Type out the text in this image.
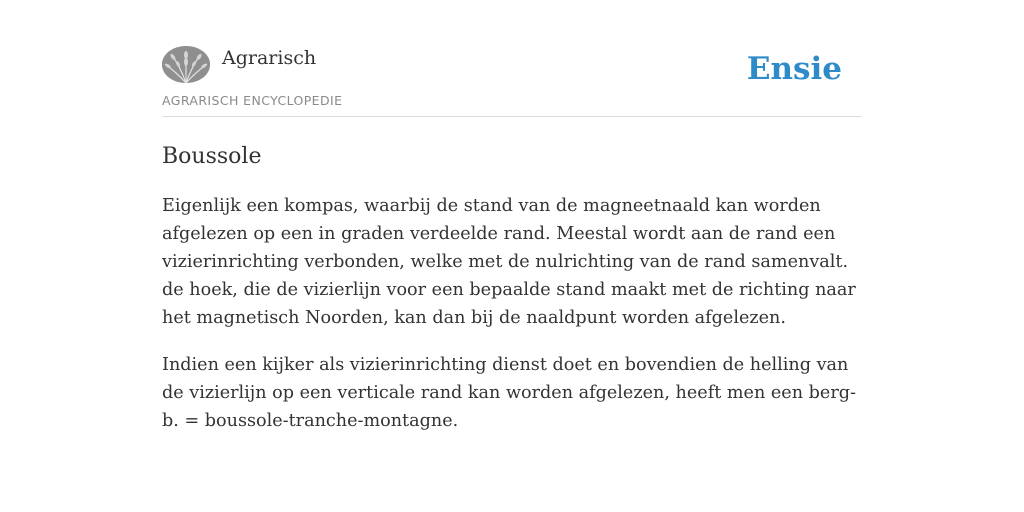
Agrarisch
AGRARISCH ENCYCLOPEDIE
Ensie
Boussole

Eigenlijk een kompas, waarbij de stand van de magneetnaald kan worden afgelezen op een in graden verdeelde rand. Meestal wordt aan de rand een vizierinrichting verbonden, welke met de nulrichting van de rand samenvalt. de hoek, die de vizierlijn voor een bepaalde stand maakt met de richting naar het magnetisch Noorden, kan dan bij de naaldpunt worden afgelezen.

Indien een kijker als vizierinrichting dienst doet en bovendien de helling van de vizierlijn op een verticale rand kan worden afgelezen, heeft men een berg-b. = boussole-tranche-montagne.
